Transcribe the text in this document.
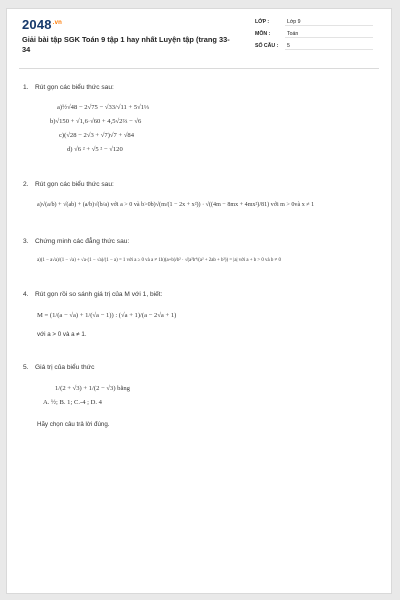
$2048^{.vn}$
Giải bài tập SGK Toán 9 tập 1 hay nhất Luyện tập (trang 33-34
LỚP :	Lớp 9
MÔN :	Toán
SỐ CÂU : 5
1. Rút gọn các biểu thức sau:
a)½√48 − 2√75 − √33/√11 + 5√1⅓
b)√150 + √1,6·√60 + 4,5√2⅔ − √6
c)(√28 − 2√3 + √7)√7 + √84
d) √6 ² + √5 ² − √120
2. Rút gọn các biểu thức sau:
a)√(a/b) + √(ab) + (a/b)√(b/a) với a > 0 và b>0b)√(m/(1 − 2x + x²)) · √((4m − 8mx + 4mx²)/81) với m > 0và x ≠ 1
3. Chứng minh các đẳng thức sau:
a)(1 − a√a)/(1 − √a) + √a·(1 − √a)/(1 − a) = 1 với a ≥ 0 và a ≠ 1b)(a+b)/b² · √(a²b⁴/(a² + 2ab + b²)) = |a| với a + b > 0 và b ≠ 0
4. Rút gọn rồi so sánh giá trị của M với 1, biết:
M = (1/(a − √a) + 1/(√a − 1)) : (√a + 1)/(a − 2√a + 1)
với a > 0 và a ≠ 1.
5. Giá trị của biểu thức
1/(2 + √3) + 1/(2 − √3) bằng
A. ½; B. 1; C.-4 ; D. 4
Hãy chọn câu trả lời đúng.
